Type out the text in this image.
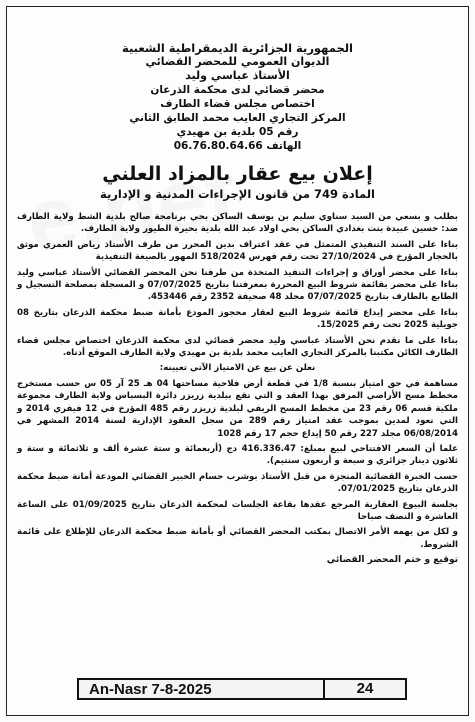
الجمهورية الجزائرية الديمقراطية الشعبية
الديوان العمومي للمحضر القضائي
الأستاذ عباسي وليد
محضر قضائي لدى محكمة الذرعان
اختصاص مجلس قضاء الطارف
المركز التجاري العايب محمد الطابق الثاني
رقم 05 بلدية بن مهيدي
الهاتف 06.76.80.64.66
إعلان بيع عقار بالمزاد العلني
المادة 749 من قانون الإجراءات المدنية و الإدارية

بطلب و بسعي من السيد سناوي سليم بن يوسف الساكن بحي برنامجة صالح بلدية الشط ولاية الطارف ضد: حسين عبيدة بنت بغدادي الساكن بحي اولاد عبد الله بلدية بحيرة الطيور ولاية الطارف.

بناءا على السند التنفيذي المتمثل في عقد اعتراف بدين المحرر من طرف الأستاذ رياض العمري موثق بالحجار المؤرخ في 27/10/2024 تحت رقم فهرس 518/2024 المهور بالصيغة التنفيذية

بناءا على محضر أوراق و إجراءات التنفيذ المتخذة من طرفنا نحن المحضر القضائي الأستاذ عباسي وليد بناءا على محضر بقائمة شروط البيع المحررة بمعرفتنا بتاريخ 07/07/2025 و المسجلة بمصلحة التسجيل و الطابع بالطارف بتاريخ 07/07/2025 مجلد 48 صحيفة 2352 رقم 453446.

بناءا على محضر إيداع قائمة شروط البيع لعقار محجوز المودع بأمانة ضبط محكمة الذرعان بتاريخ 08 جويلية 2025 تحت رقم 15/2025.

بناءا على ما تقدم نحن الأستاذ عباسي وليد محضر قضائي لدى محكمة الذرعان اختصاص مجلس قضاء الطارف الكائن مكتبنا بالمركز التجاري العايب محمد بلدية بن مهيدي ولاية الطارف الموقع أدناه.

نعلن عن بيع عن الامتياز الآتي تعيينه:

مساهمة في حق امتياز بنسبة 1/8 في قطعة أرض فلاحية مساحتها 04 هـ 25 آر 05 س حسب مستخرج مخطط مسح الأراضي المرفق بهذا العقد و التي تقع ببلدية زريزر دائرة البسباس ولاية الطارف مجموعة ملكية قسم 06 رقم 23 من مخطط المسح الريفي لبلدية زريزر رقم 485 المؤرخ في 12 فيفري 2014 و التي تعود لمدين بموجب عقد امتياز رقم 289 من سجل العقود الإدارية لسنة 2014 المشهر في 06/08/2014 مجلد 227 رقم 50 إيداع حجم 17 رقم 1028

علما أن السعر الافتتاحي لبيع بمبلغ: 416.336.47 دج (أربعمائة و ستة عشرة ألف و ثلاثمائة و ستة و ثلاثون دينار جزائري و سبعة و أربعون سنتيم).

حسب الخبرة القضائية المنجزة من قبل الأستاذ بوشرب حسام الخبير القضائي المودعة أمانة ضبط محكمة الذرعان بتاريخ 07/01/2025.

بجلسة البيوع العقارية المرجع عقدها بقاعة الجلسات لمحكمة الذرعان بتاريخ 01/09/2025 على الساعة العاشرة و النصف صباحا

و لكل من يهمه الأمر الاتصال بمكتب المحضر القضائي أو بأمانة ضبط محكمة الذرعان للإطلاع على قائمة الشروط.

توقيع و ختم المحضر القضائي
An-Nasr 7-8-2025	24
